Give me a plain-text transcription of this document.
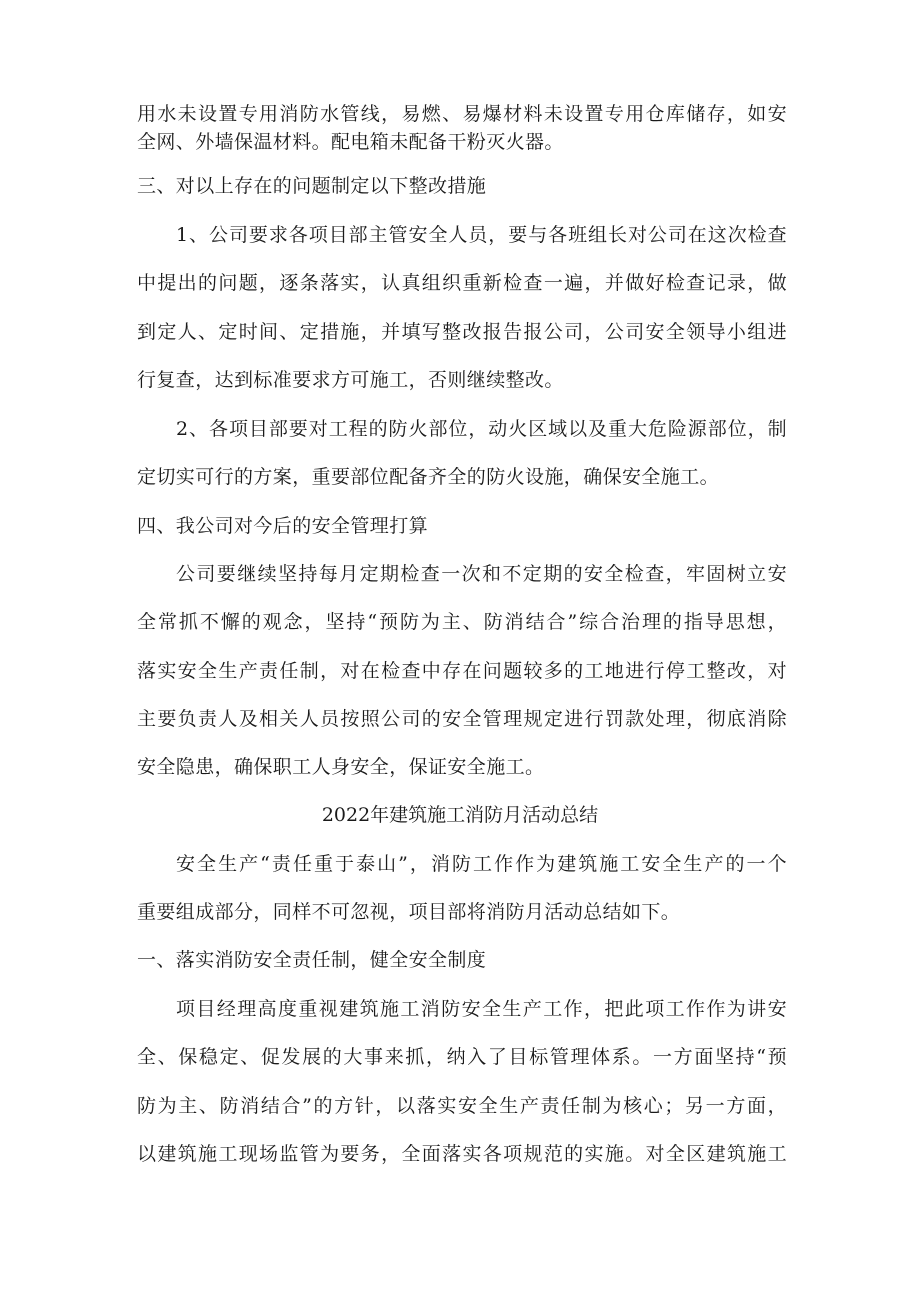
用水未设置专用消防水管线，易燃、易爆材料未设置专用仓库储存，如安
全网、外墙保温材料。配电箱未配备干粉灭火器。
三、对以上存在的问题制定以下整改措施
1、公司要求各项目部主管安全人员，要与各班组长对公司在这次检查
中提出的问题，逐条落实，认真组织重新检查一遍，并做好检查记录，做
到定人、定时间、定措施，并填写整改报告报公司，公司安全领导小组进
行复查，达到标准要求方可施工，否则继续整改。
2、各项目部要对工程的防火部位，动火区域以及重大危险源部位，制
定切实可行的方案，重要部位配备齐全的防火设施，确保安全施工。
四、我公司对今后的安全管理打算
公司要继续坚持每月定期检查一次和不定期的安全检查，牢固树立安
全常抓不懈的观念，坚持“预防为主、防消结合”综合治理的指导思想，
落实安全生产责任制，对在检查中存在问题较多的工地进行停工整改，对
主要负责人及相关人员按照公司的安全管理规定进行罚款处理，彻底消除
安全隐患，确保职工人身安全，保证安全施工。
2022年建筑施工消防月活动总结
安全生产“责任重于泰山”，消防工作作为建筑施工安全生产的一个
重要组成部分，同样不可忽视，项目部将消防月活动总结如下。
一、落实消防安全责任制，健全安全制度
项目经理高度重视建筑施工消防安全生产工作，把此项工作作为讲安
全、保稳定、促发展的大事来抓，纳入了目标管理体系。一方面坚持“预
防为主、防消结合”的方针，以落实安全生产责任制为核心；另一方面，
以建筑施工现场监管为要务，全面落实各项规范的实施。对全区建筑施工
